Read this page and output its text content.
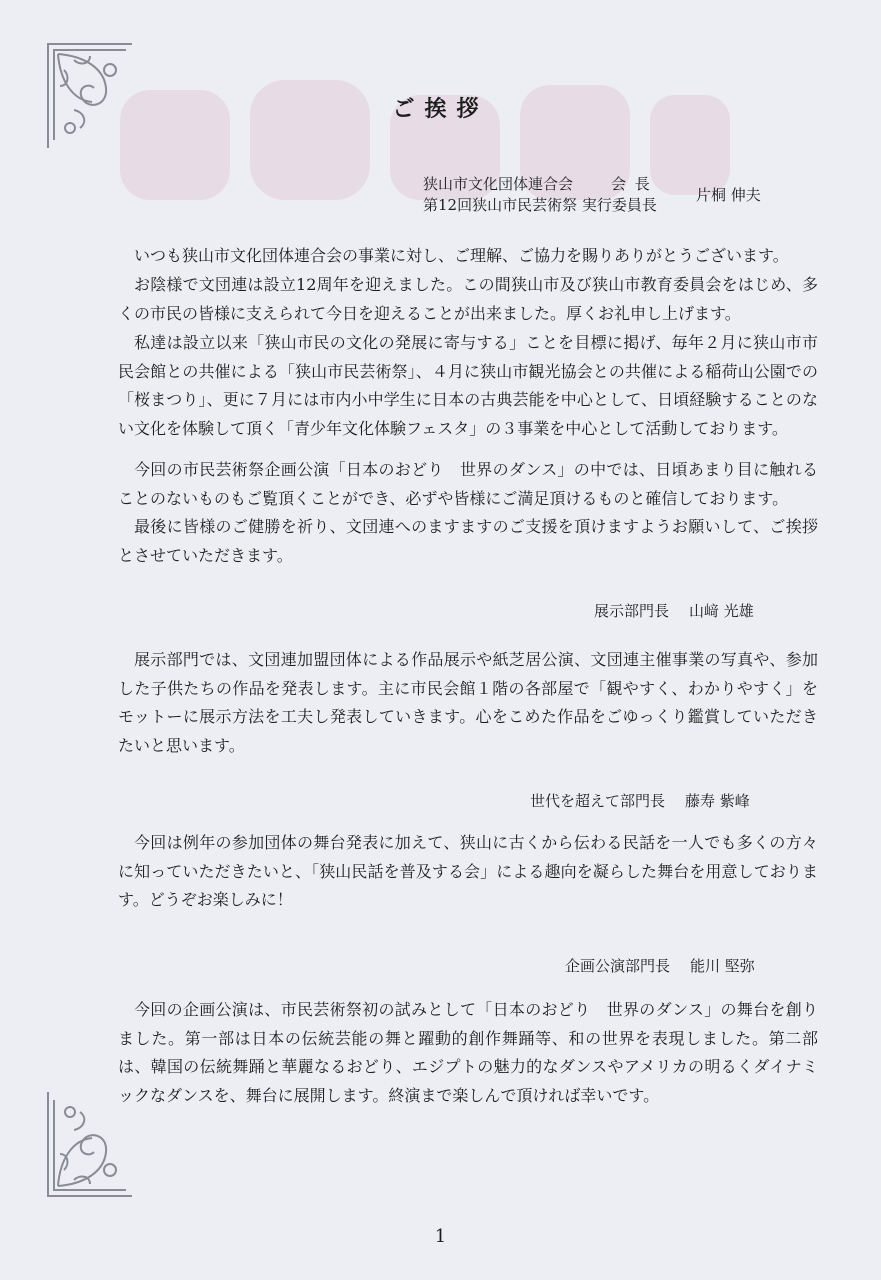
ご挨拶
狭山市文化団体連合会	会 長
第12回狭山市民芸術祭 実行委員長
片桐 伸夫

いつも狭山市文化団体連合会の事業に対し、ご理解、ご協力を賜りありがとうございます。

お陰様で文団連は設立12周年を迎えました。この間狭山市及び狭山市教育委員会をはじめ、多くの市民の皆様に支えられて今日を迎えることが出来ました。厚くお礼申し上げます。

私達は設立以来「狭山市民の文化の発展に寄与する」ことを目標に掲げ、毎年２月に狭山市市民会館との共催による「狭山市民芸術祭」、４月に狭山市観光協会との共催による稲荷山公園での「桜まつり」、更に７月には市内小中学生に日本の古典芸能を中心として、日頃経験することのない文化を体験して頂く「青少年文化体験フェスタ」の３事業を中心として活動しております。

今回の市民芸術祭企画公演「日本のおどり　世界のダンス」の中では、日頃あまり目に触れることのないものもご覧頂くことができ、必ずや皆様にご満足頂けるものと確信しております。

最後に皆様のご健勝を祈り、文団連へのますますのご支援を頂けますようお願いして、ご挨拶とさせていただきます。

展示部門長 山﨑 光雄

展示部門では、文団連加盟団体による作品展示や紙芝居公演、文団連主催事業の写真や、参加した子供たちの作品を発表します。主に市民会館１階の各部屋で「観やすく、わかりやすく」をモットーに展示方法を工夫し発表していきます。心をこめた作品をごゆっくり鑑賞していただきたいと思います。

世代を超えて部門長 藤寿 紫峰

今回は例年の参加団体の舞台発表に加えて、狭山に古くから伝わる民話を一人でも多くの方々に知っていただきたいと、「狭山民話を普及する会」による趣向を凝らした舞台を用意しております。どうぞお楽しみに！

企画公演部門長 能川 堅弥

今回の企画公演は、市民芸術祭初の試みとして「日本のおどり　世界のダンス」の舞台を創りました。第一部は日本の伝統芸能の舞と躍動的創作舞踊等、和の世界を表現しました。第二部は、韓国の伝統舞踊と華麗なるおどり、エジプトの魅力的なダンスやアメリカの明るくダイナミックなダンスを、舞台に展開します。終演まで楽しんで頂ければ幸いです。

1
